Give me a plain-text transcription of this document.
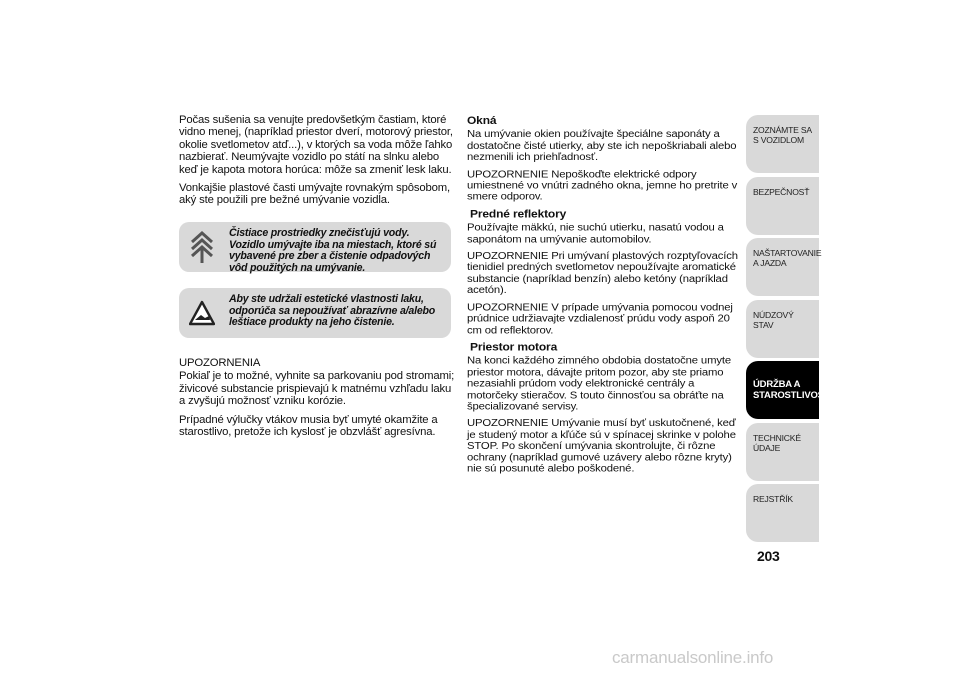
Počas sušenia sa venujte predovšetkým častiam, ktoré vidno menej, (napríklad priestor dverí, motorový priestor, okolie svetlometov atď...), v ktorých sa voda môže ľahko nazbierať. Neumývajte vozidlo po státí na slnku alebo keď je kapota motora horúca: môže sa zmeniť lesk laku.

Vonkajšie plastové časti umývajte rovnakým spôsobom, aký ste použili pre bežné umývanie vozidla.

Čistiace prostriedky znečisťujú vody. Vozidlo umývajte iba na miestach, ktoré sú vybavené pre zber a čistenie odpadových vôd použitých na umývanie.
Aby ste udržali estetické vlastnosti laku, odporúča sa nepoužívať abrazívne a/alebo leštiace produkty na jeho čistenie.

UPOZORNENIA

Pokiaľ je to možné, vyhnite sa parkovaniu pod stromami; živicové substancie prispievajú k matnému vzhľadu laku a zvyšujú možnosť vzniku korózie.

Prípadné výlučky vtákov musia byť umyté okamžite a starostlivo, pretože ich kyslosť je obzvlášť agresívna.

Okná

Na umývanie okien používajte špeciálne saponáty a dostatočne čisté utierky, aby ste ich nepoškriabali alebo nezmenili ich priehľadnosť.

UPOZORNENIE Nepoškoďte elektrické odpory umiestnené vo vnútri zadného okna, jemne ho pretrite v smere odporov.

Predné reflektory

Používajte mäkkú, nie suchú utierku, nasatú vodou a saponátom na umývanie automobilov.

UPOZORNENIE Pri umývaní plastových rozptyľovacích tienidiel predných svetlometov nepoužívajte aromatické substancie (napríklad benzín) alebo ketóny (napríklad acetón).

UPOZORNENIE V prípade umývania pomocou vodnej prúdnice udržiavajte vzdialenosť prúdu vody aspoň 20 cm od reflektorov.

Priestor motora

Na konci každého zimného obdobia dostatočne umyte priestor motora, dávajte pritom pozor, aby ste priamo nezasiahli prúdom vody elektronické centrály a motorčeky stieračov. S touto činnosťou sa obráťte na špecializované servisy.

UPOZORNENIE Umývanie musí byť uskutočnené, keď je studený motor a kľúče sú v spínacej skrinke v polohe STOP. Po skončení umývania skontrolujte, či rôzne ochrany (napríklad gumové uzávery alebo rôzne kryty) nie sú posunuté alebo poškodené.

ZOZNÁMTE SA S VOZIDLOM
BEZPEČNOSŤ
NAŠTARTOVANIE A JAZDA
NÚDZOVÝ STAV
ÚDRŽBA A STAROSTLIVOSŤ
TECHNICKÉ ÚDAJE
REJSTŘÍK
203
carmanualsonline.info
